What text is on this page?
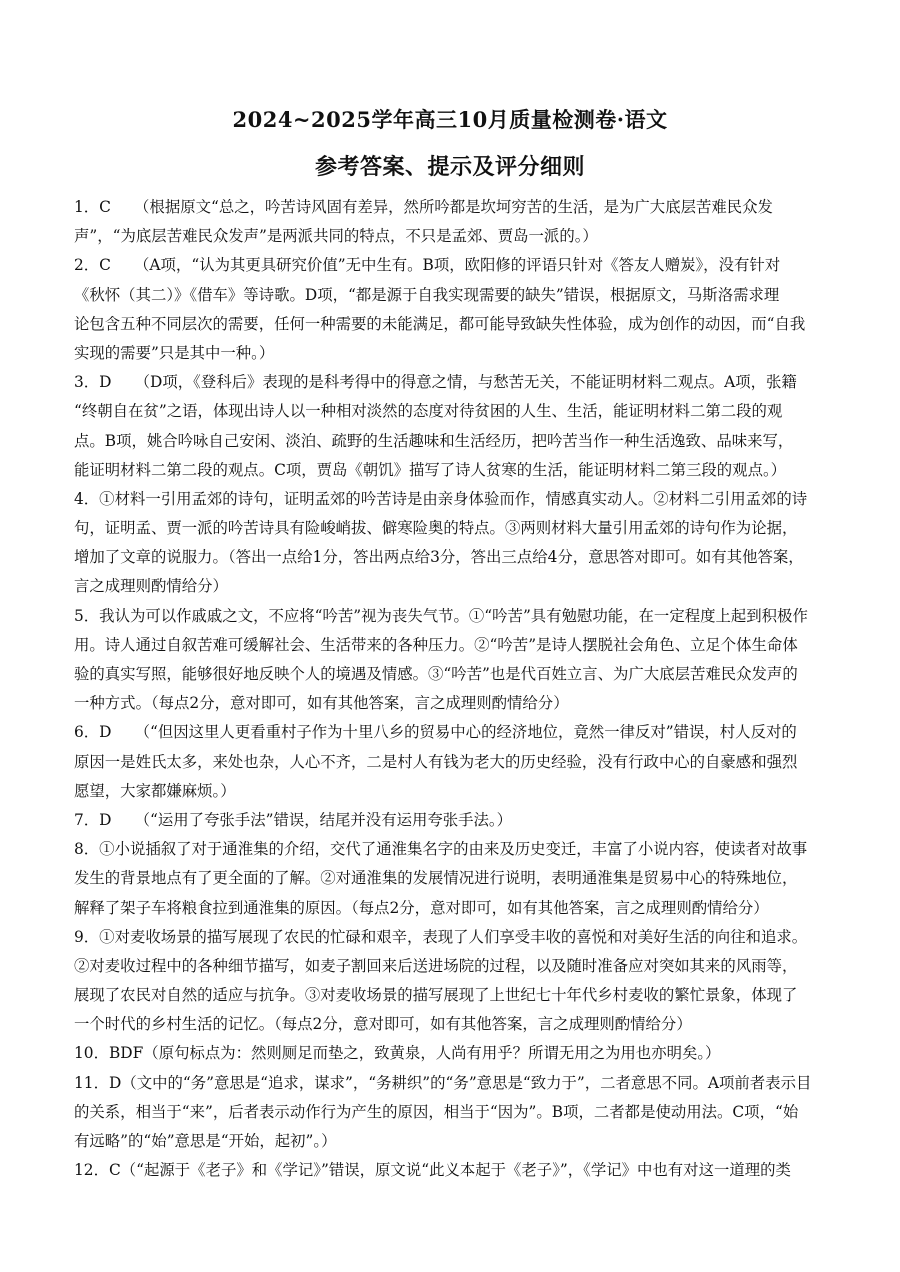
2024~2025学年高三10月质量检测卷·语文
参考答案、提示及评分细则
1．C　　（根据原文“总之，吟苦诗风固有差异，然所吟都是坎坷穷苦的生活，是为广大底层苦难民众发
声”，“为底层苦难民众发声”是两派共同的特点，不只是孟郊、贾岛一派的。）
2．C　　（A项，“认为其更具研究价值”无中生有。B项，欧阳修的评语只针对《答友人赠炭》，没有针对
《秋怀（其二）》《借车》等诗歌。D项，“都是源于自我实现需要的缺失”错误，根据原文，马斯洛需求理
论包含五种不同层次的需要，任何一种需要的未能满足，都可能导致缺失性体验，成为创作的动因，而“自我
实现的需要”只是其中一种。）
3．D　　（D项，《登科后》表现的是科考得中的得意之情，与愁苦无关，不能证明材料二观点。A项，张籍
“终朝自在贫”之语，体现出诗人以一种相对淡然的态度对待贫困的人生、生活，能证明材料二第二段的观
点。B项，姚合吟咏自己安闲、淡泊、疏野的生活趣味和生活经历，把吟苦当作一种生活逸致、品味来写，
能证明材料二第二段的观点。C项，贾岛《朝饥》描写了诗人贫寒的生活，能证明材料二第三段的观点。）
4．①材料一引用孟郊的诗句，证明孟郊的吟苦诗是由亲身体验而作，情感真实动人。②材料二引用孟郊的诗
句，证明孟、贾一派的吟苦诗具有险峻峭拔、僻寒险奥的特点。③两则材料大量引用孟郊的诗句作为论据，
增加了文章的说服力。（答出一点给1分，答出两点给3分，答出三点给4分，意思答对即可。如有其他答案，
言之成理则酌情给分）
5．我认为可以作戚戚之文，不应将“吟苦”视为丧失气节。①“吟苦”具有勉慰功能，在一定程度上起到积极作
用。诗人通过自叙苦难可缓解社会、生活带来的各种压力。②“吟苦”是诗人摆脱社会角色、立足个体生命体
验的真实写照，能够很好地反映个人的境遇及情感。③“吟苦”也是代百姓立言、为广大底层苦难民众发声的
一种方式。（每点2分，意对即可，如有其他答案，言之成理则酌情给分）
6．D　　（“但因这里人更看重村子作为十里八乡的贸易中心的经济地位，竟然一律反对”错误，村人反对的
原因一是姓氏太多，来处也杂，人心不齐，二是村人有钱为老大的历史经验，没有行政中心的自豪感和强烈
愿望，大家都嫌麻烦。）
7．D　　（“运用了夸张手法”错误，结尾并没有运用夸张手法。）
8．①小说插叙了对于通淮集的介绍，交代了通淮集名字的由来及历史变迁，丰富了小说内容，使读者对故事
发生的背景地点有了更全面的了解。②对通淮集的发展情况进行说明，表明通淮集是贸易中心的特殊地位，
解释了架子车将粮食拉到通淮集的原因。（每点2分，意对即可，如有其他答案，言之成理则酌情给分）
9．①对麦收场景的描写展现了农民的忙碌和艰辛，表现了人们享受丰收的喜悦和对美好生活的向往和追求。
②对麦收过程中的各种细节描写，如麦子割回来后送进场院的过程，以及随时准备应对突如其来的风雨等，
展现了农民对自然的适应与抗争。③对麦收场景的描写展现了上世纪七十年代乡村麦收的繁忙景象，体现了
一个时代的乡村生活的记忆。（每点2分，意对即可，如有其他答案，言之成理则酌情给分）
10．BDF（原句标点为：然则厕足而垫之，致黄泉，人尚有用乎？所谓无用之为用也亦明矣。）
11．D（文中的“务”意思是“追求，谋求”，“务耕织”的“务”意思是“致力于”，二者意思不同。A项前者表示目
的关系，相当于“来”，后者表示动作行为产生的原因，相当于“因为”。B项，二者都是使动用法。C项，“始
有远略”的“始”意思是“开始，起初”。）
12．C（“起源于《老子》和《学记》”错误，原文说“此义本起于《老子》”，《学记》中也有对这一道理的类
